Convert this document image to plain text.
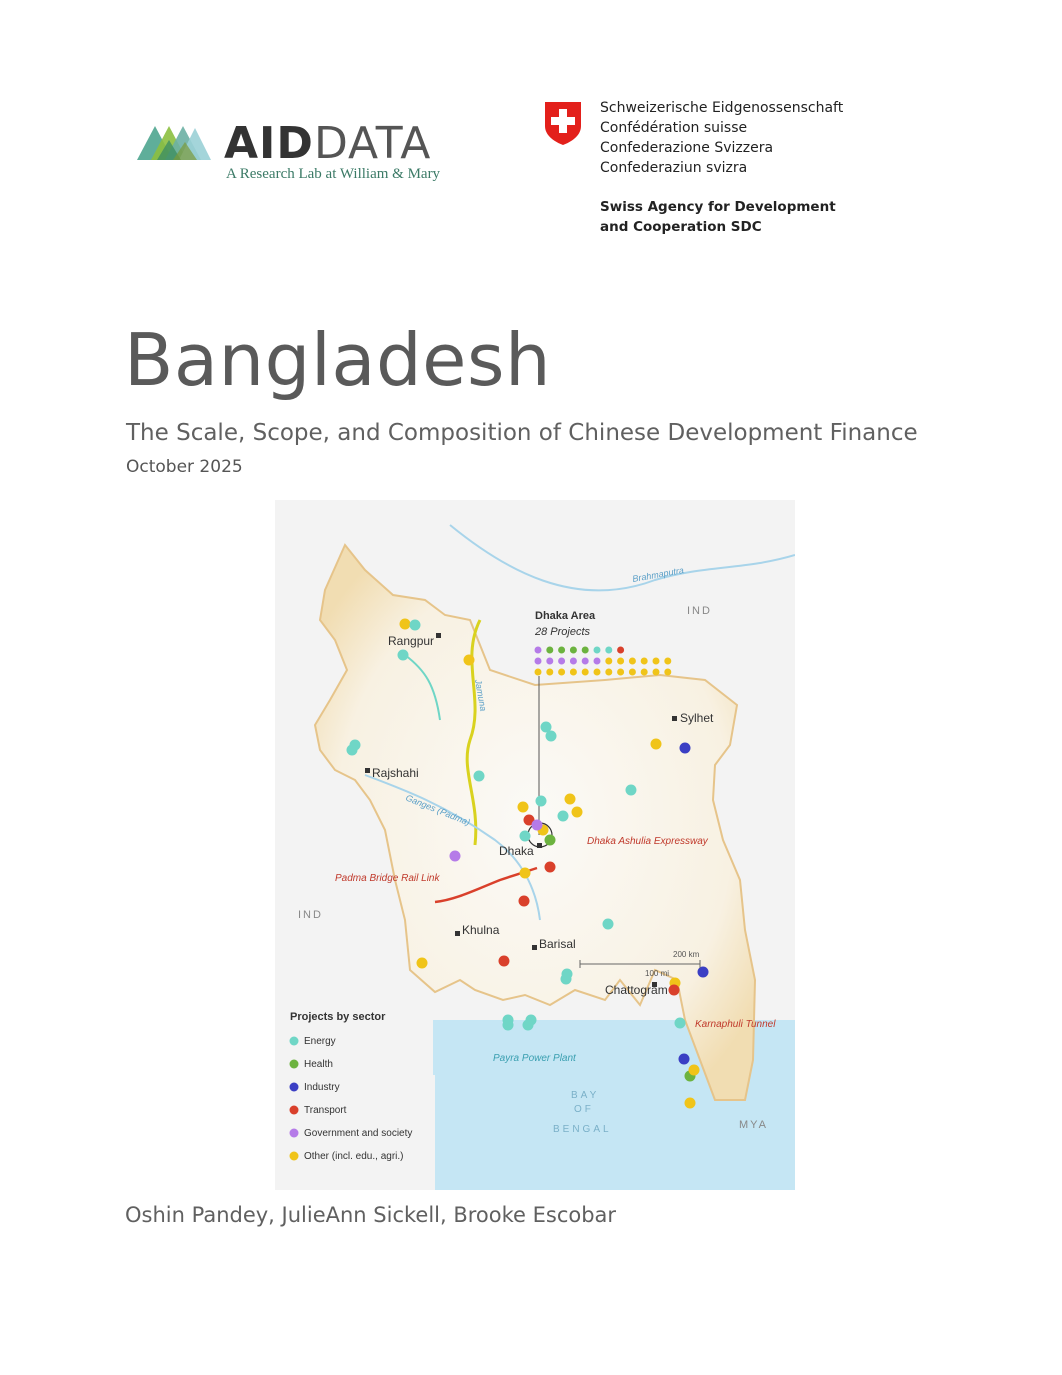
AIDDATA
A Research Lab at William & Mary
Schweizerische Eidgenossenschaft
Confédération suisse
Confederazione Svizzera
Confederaziun svizra
Swiss Agency for Development
and Cooperation SDC
Bangladesh
The Scale, Scope, and Composition of Chinese Development Finance
October 2025
Rangpur
Rajshahi
Sylhet
Dhaka
Khulna
Barisal
Chattogram
Brahmaputra
Jamuna
Ganges (Padma)
IND
IND
MYA
BAY
OF
BENGAL
Dhaka Area
28 Projects
Dhaka Ashulia Expressway
Padma Bridge Rail Link
Karnaphuli Tunnel
Payra Power Plant
Projects by sector
Energy
Health
Industry
Transport
Government and society
Other (incl. edu., agri.)
200 km
100 mi
Oshin Pandey, JulieAnn Sickell, Brooke Escobar
